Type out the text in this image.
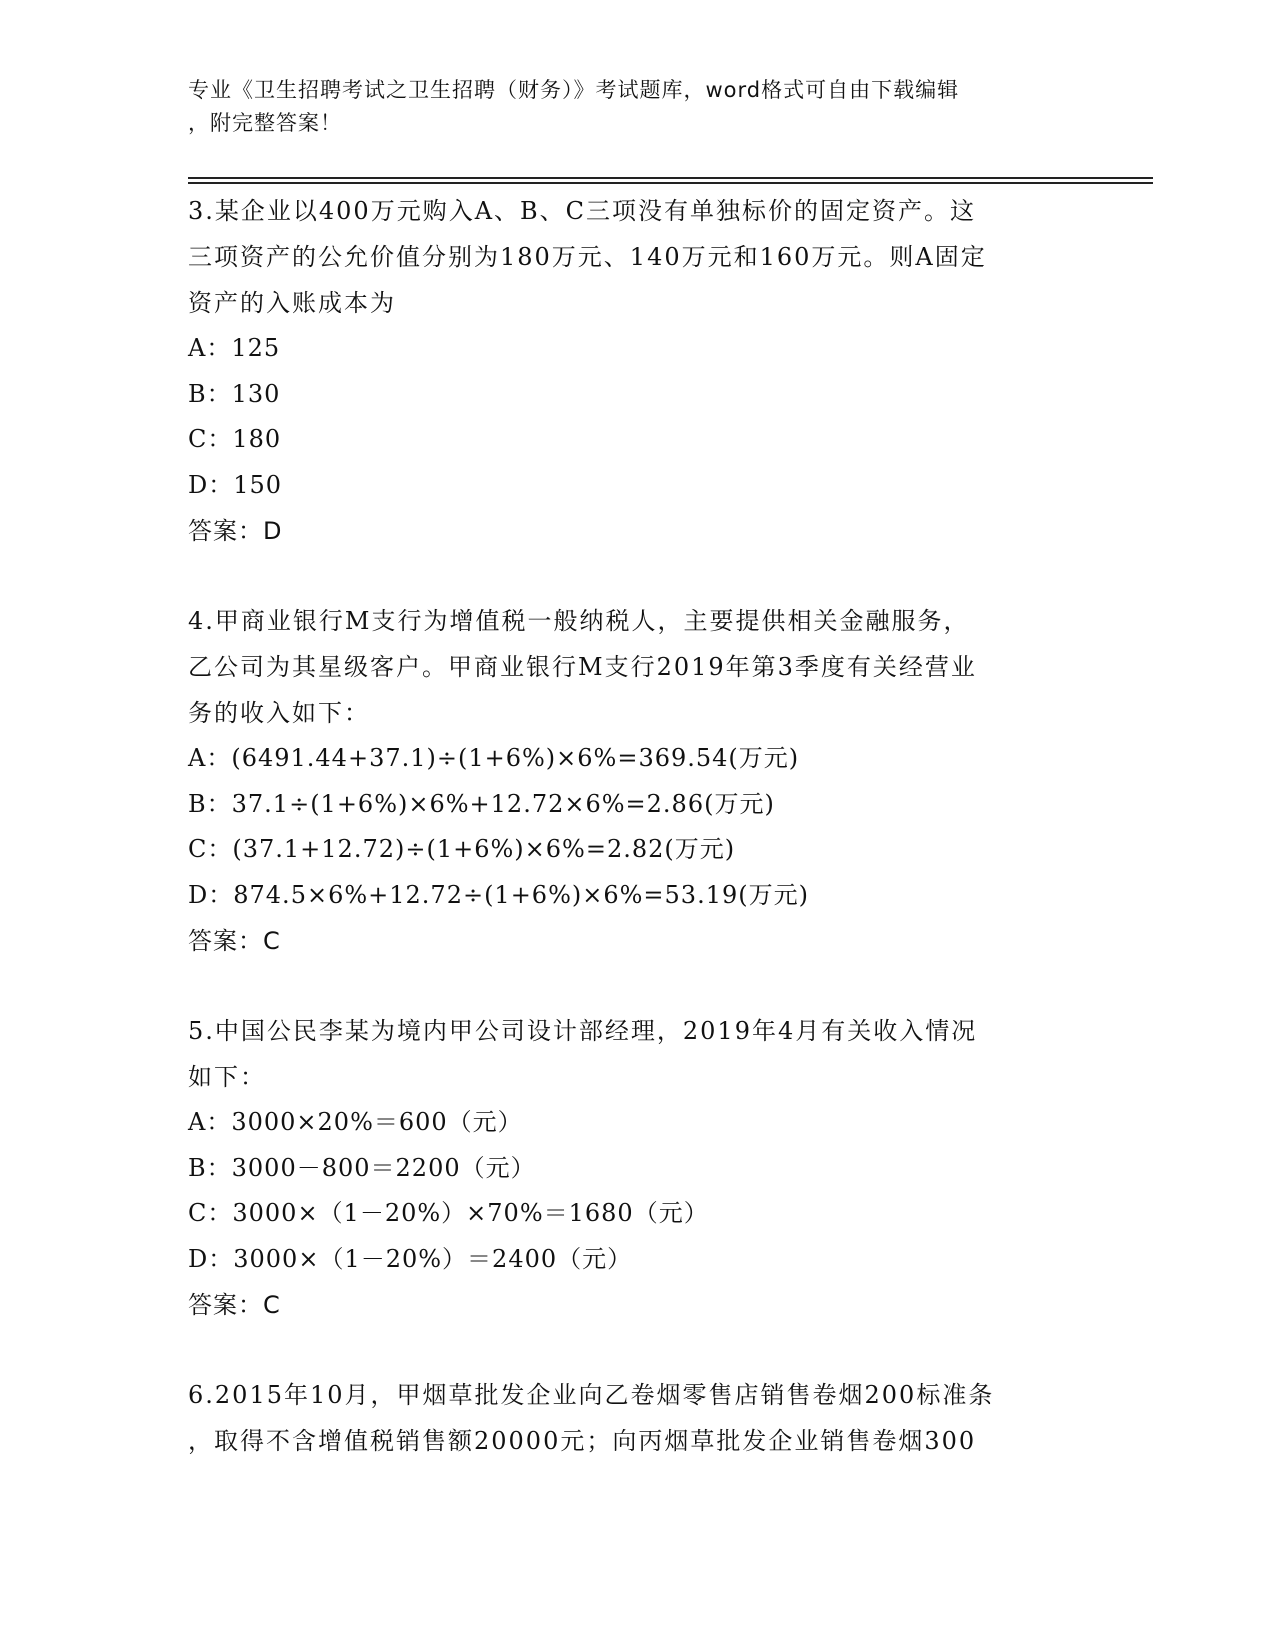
专业《卫生招聘考试之卫生招聘（财务）》考试题库，word格式可自由下载编辑
，附完整答案！
3.某企业以400万元购入A、B、C三项没有单独标价的固定资产。这
三项资产的公允价值分别为180万元、140万元和160万元。则A固定
资产的入账成本为
A：125
B：130
C：180
D：150
答案：D
4.甲商业银行M支行为增值税一般纳税人，主要提供相关金融服务，
乙公司为其星级客户。甲商业银行M支行2019年第3季度有关经营业
务的收入如下：
A：(6491.44+37.1)÷(1+6%)×6%=369.54(万元)
B：37.1÷(1+6%)×6%+12.72×6%=2.86(万元)
C：(37.1+12.72)÷(1+6%)×6%=2.82(万元)
D：874.5×6%+12.72÷(1+6%)×6%=53.19(万元)
答案：C
5.中国公民李某为境内甲公司设计部经理，2019年4月有关收入情况
如下：
A：3000×20%＝600（元）
B：3000－800＝2200（元）
C：3000×（1－20%）×70%＝1680（元）
D：3000×（1－20%）＝2400（元）
答案：C
6.2015年10月，甲烟草批发企业向乙卷烟零售店销售卷烟200标准条
，取得不含增值税销售额20000元；向丙烟草批发企业销售卷烟300
